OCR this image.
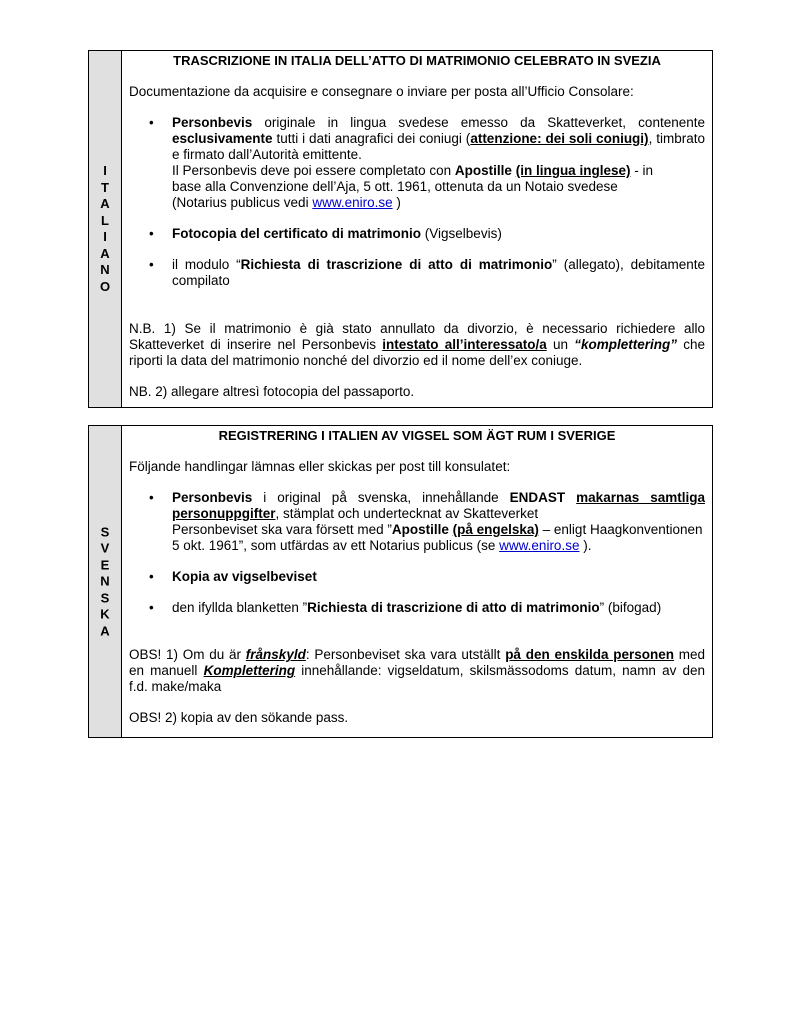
I
T
A
L
I
A
N
O
TRASCRIZIONE IN ITALIA DELL’ATTO DI MATRIMONIO CELEBRATO IN SVEZIA

Documentazione da acquisire e consegnare o inviare per posta all’Ufficio Consolare:

• Personbevis originale in lingua svedese emesso da Skatteverket, contenente esclusivamente tutti i dati anagrafici dei coniugi (attenzione: dei soli coniugi), timbrato e firmato dall’Autorità emittente.
Il Personbevis deve poi essere completato con Apostille (in lingua inglese) - in base alla Convenzione dell’Aja, 5 ott. 1961, ottenuta da un Notaio svedese (Notarius publicus vedi www.eniro.se )
• Fotocopia del certificato di matrimonio (Vigselbevis)
• il modulo “Richiesta di trascrizione di atto di matrimonio” (allegato), debitamente compilato

N.B. 1) Se il matrimonio è già stato annullato da divorzio, è necessario richiedere allo Skatteverket di inserire nel Personbevis intestato all’interessato/a un “komplettering” che riporti la data del matrimonio nonché del divorzio ed il nome dell’ex coniuge.

NB. 2) allegare altresì fotocopia del passaporto.

S
V
E
N
S
K
A
REGISTRERING I ITALIEN AV VIGSEL SOM ÄGT RUM I SVERIGE

Följande handlingar lämnas eller skickas per post till konsulatet:

• Personbevis i original på svenska, innehållande ENDAST makarnas samtliga personuppgifter, stämplat och undertecknat av Skatteverket
Personbeviset ska vara försett med ”Apostille (på engelska) – enligt Haagkonventionen 5 okt. 1961”, som utfärdas av ett Notarius publicus (se www.eniro.se ).
• Kopia av vigselbeviset
• den ifyllda blanketten ”Richiesta di trascrizione di atto di matrimonio” (bifogad)

OBS! 1) Om du är frånskyld: Personbeviset ska vara utställt på den enskilda personen med en manuell Komplettering innehållande: vigseldatum, skilsmässodoms datum, namn av den f.d. make/maka

OBS! 2) kopia av den sökande pass.
